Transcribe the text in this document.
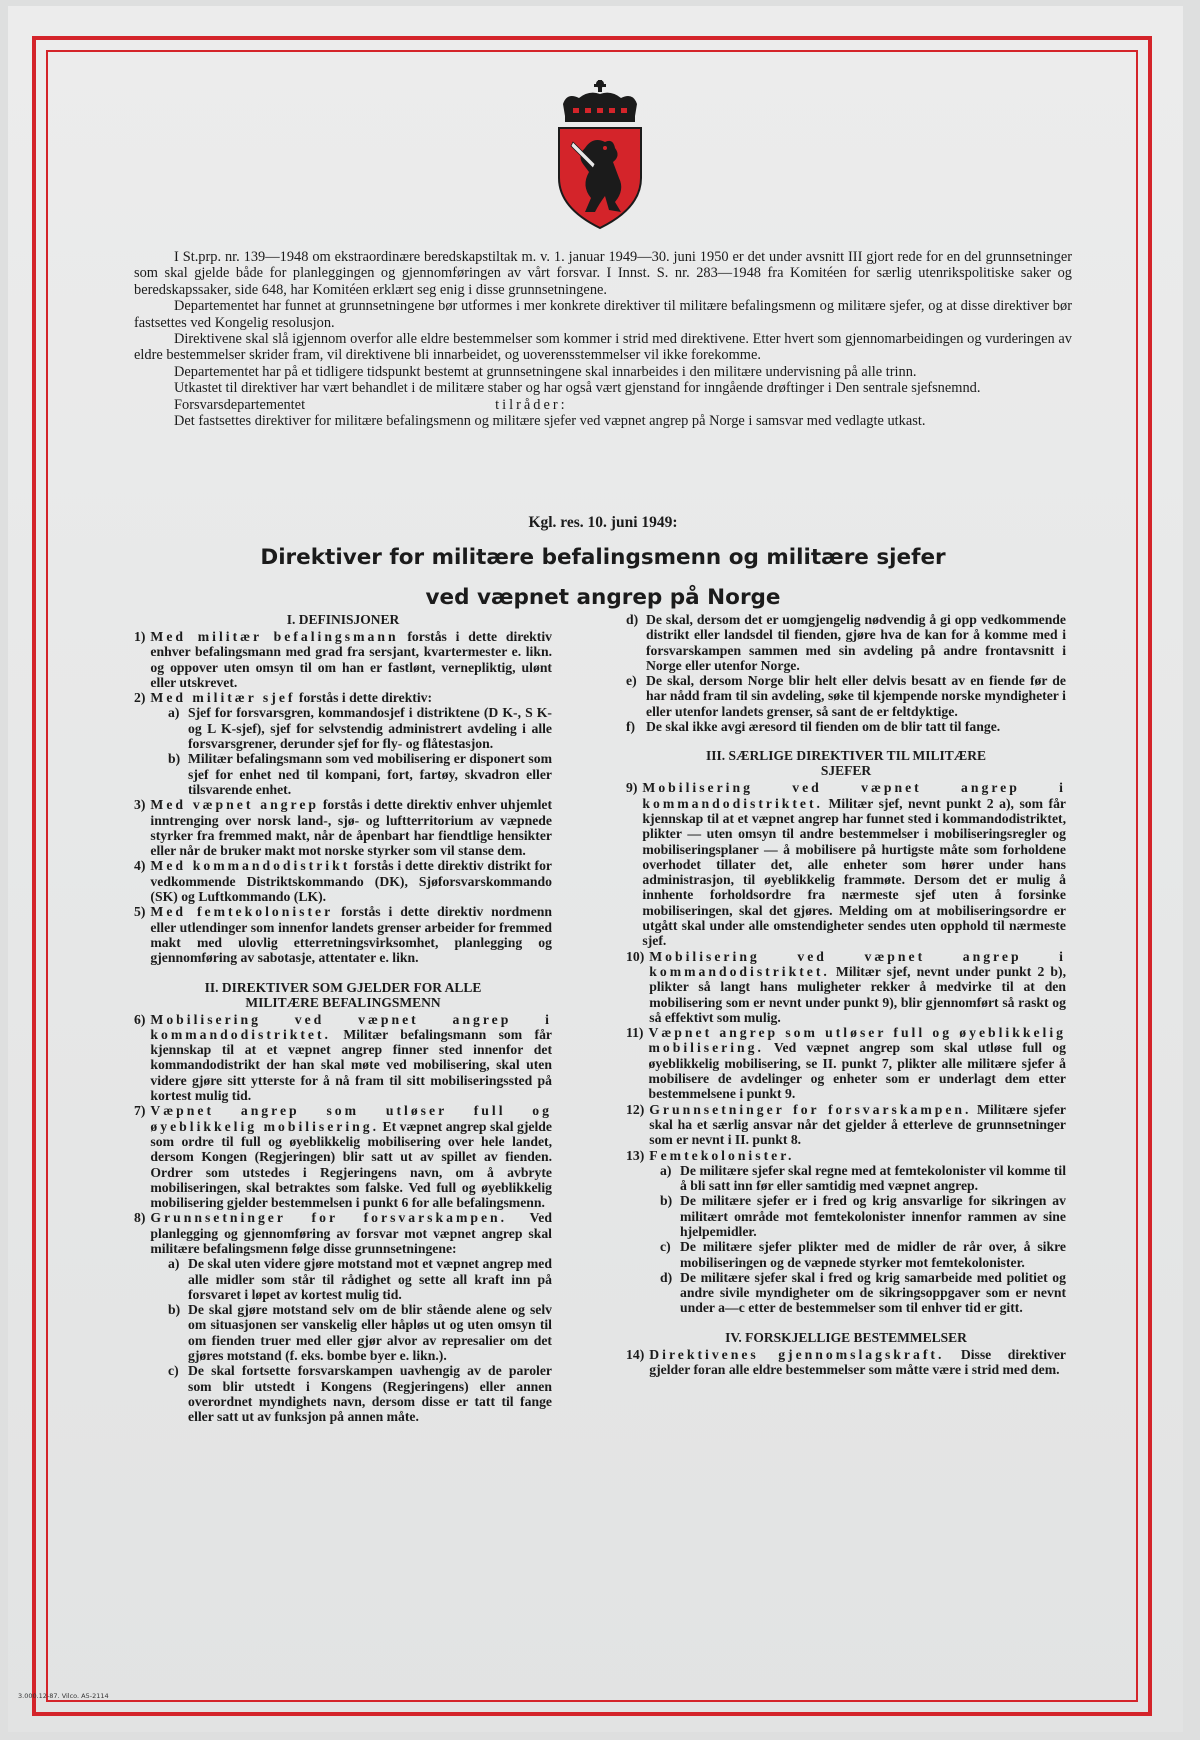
I St.prp. nr. 139—1948 om ekstraordinære beredskapstiltak m. v. 1. januar 1949—30. juni 1950 er det under avsnitt III gjort rede for en del grunnsetninger som skal gjelde både for planleggingen og gjennomføringen av vårt forsvar. I Innst. S. nr. 283—1948 fra Komitéen for særlig utenrikspolitiske saker og beredskapssaker, side 648, har Komitéen erklært seg enig i disse grunnsetningene.

Departementet har funnet at grunnsetningene bør utformes i mer konkrete direktiver til militære befalingsmenn og militære sjefer, og at disse direktiver bør fastsettes ved Kongelig resolusjon.

Direktivene skal slå igjennom overfor alle eldre bestemmelser som kommer i strid med direktivene. Etter hvert som gjennomarbeidingen og vurderingen av eldre bestemmelser skrider fram, vil direktivene bli innarbeidet, og uoverensstemmelser vil ikke forekomme.

Departementet har på et tidligere tidspunkt bestemt at grunnsetningene skal innarbeides i den militære undervisning på alle trinn.

Utkastet til direktiver har vært behandlet i de militære staber og har også vært gjenstand for inngående drøftinger i Den sentrale sjefsnemnd.

Forsvarsdepartementet	tilråder:

Det fastsettes direktiver for militære befalingsmenn og militære sjefer ved væpnet angrep på Norge i samsvar med vedlagte utkast.

Kgl. res. 10. juni 1949:
Direktiver for militære befalingsmenn og militære sjefer
ved væpnet angrep på Norge
I. DEFINISJONER
1) Med militær befalingsmann forstås i dette direktiv enhver befalingsmann med grad fra sersjant, kvartermester e. likn. og oppover uten omsyn til om han er fastlønt, vernepliktig, ulønt eller utskrevet.
2) Med militær sjef forstås i dette direktiv:
a) Sjef for forsvarsgren, kommandosjef i distriktene (D K-, S K- og L K-sjef), sjef for selvstendig administrert avdeling i alle forsvarsgrener, derunder sjef for fly- og flåtestasjon.
b) Militær befalingsmann som ved mobilisering er disponert som sjef for enhet ned til kompani, fort, fartøy, skvadron eller tilsvarende enhet.
3) Med væpnet angrep forstås i dette direktiv enhver uhjemlet inntrenging over norsk land-, sjø- og luftterritorium av væpnede styrker fra fremmed makt, når de åpenbart har fiendtlige hensikter eller når de bruker makt mot norske styrker som vil stanse dem.
4) Med kommandodistrikt forstås i dette direktiv distrikt for vedkommende Distriktskommando (DK), Sjøforsvarskommando (SK) og Luftkommando (LK).
5) Med femtekolonister forstås i dette direktiv nordmenn eller utlendinger som innenfor landets grenser arbeider for fremmed makt med ulovlig etterretningsvirksomhet, planlegging og gjennomføring av sabotasje, attentater e. likn.
II. DIREKTIVER SOM GJELDER FOR ALLE
MILITÆRE BEFALINGSMENN
6) Mobilisering ved væpnet angrep i kommandodistriktet. Militær befalingsmann som får kjennskap til at et væpnet angrep finner sted innenfor det kommandodistrikt der han skal møte ved mobilisering, skal uten videre gjøre sitt ytterste for å nå fram til sitt mobiliseringssted på kortest mulig tid.
7) Væpnet angrep som utløser full og øyeblikkelig mobilisering. Et væpnet angrep skal gjelde som ordre til full og øyeblikkelig mobilisering over hele landet, dersom Kongen (Regjeringen) blir satt ut av spillet av fienden. Ordrer som utstedes i Regjeringens navn, om å avbryte mobiliseringen, skal betraktes som falske. Ved full og øyeblikkelig mobilisering gjelder bestemmelsen i punkt 6 for alle befalingsmenn.
8) Grunnsetninger for forsvarskampen. Ved planlegging og gjennomføring av forsvar mot væpnet angrep skal militære befalingsmenn følge disse grunnsetningene:
a) De skal uten videre gjøre motstand mot et væpnet angrep med alle midler som står til rådighet og sette all kraft inn på forsvaret i løpet av kortest mulig tid.
b) De skal gjøre motstand selv om de blir stående alene og selv om situasjonen ser vanskelig eller håpløs ut og uten omsyn til om fienden truer med eller gjør alvor av represalier om det gjøres motstand (f. eks. bombe byer e. likn.).
c) De skal fortsette forsvarskampen uavhengig av de paroler som blir utstedt i Kongens (Regjeringens) eller annen overordnet myndighets navn, dersom disse er tatt til fange eller satt ut av funksjon på annen måte.
d) De skal, dersom det er uomgjengelig nødvendig å gi opp vedkommende distrikt eller landsdel til fienden, gjøre hva de kan for å komme med i forsvarskampen sammen med sin avdeling på andre frontavsnitt i Norge eller utenfor Norge.
e) De skal, dersom Norge blir helt eller delvis besatt av en fiende før de har nådd fram til sin avdeling, søke til kjempende norske myndigheter i eller utenfor landets grenser, så sant de er feltdyktige.
f) De skal ikke avgi æresord til fienden om de blir tatt til fange.
III. SÆRLIGE DIREKTIVER TIL MILITÆRE
SJEFER
9) Mobilisering ved væpnet angrep i kommandodistriktet. Militær sjef, nevnt punkt 2 a), som får kjennskap til at et væpnet angrep har funnet sted i kommandodistriktet, plikter — uten omsyn til andre bestemmelser i mobiliseringsregler og mobiliseringsplaner — å mobilisere på hurtigste måte som forholdene overhodet tillater det, alle enheter som hører under hans administrasjon, til øyeblikkelig frammøte. Dersom det er mulig å innhente forholdsordre fra nærmeste sjef uten å forsinke mobiliseringen, skal det gjøres. Melding om at mobiliseringsordre er utgått skal under alle omstendigheter sendes uten opphold til nærmeste sjef.
10) Mobilisering ved væpnet angrep i kommandodistriktet. Militær sjef, nevnt under punkt 2 b), plikter så langt hans muligheter rekker å medvirke til at den mobilisering som er nevnt under punkt 9), blir gjennomført så raskt og så effektivt som mulig.
11) Væpnet angrep som utløser full og øyeblikkelig mobilisering. Ved væpnet angrep som skal utløse full og øyeblikkelig mobilisering, se II. punkt 7, plikter alle militære sjefer å mobilisere de avdelinger og enheter som er underlagt dem etter bestemmelsene i punkt 9.
12) Grunnsetninger for forsvarskampen. Militære sjefer skal ha et særlig ansvar når det gjelder å etterleve de grunnsetninger som er nevnt i II. punkt 8.
13) Femtekolonister.
a) De militære sjefer skal regne med at femtekolonister vil komme til å bli satt inn før eller samtidig med væpnet angrep.
b) De militære sjefer er i fred og krig ansvarlige for sikringen av militært område mot femtekolonister innenfor rammen av sine hjelpemidler.
c) De militære sjefer plikter med de midler de rår over, å sikre mobiliseringen og de væpnede styrker mot femtekolonister.
d) De militære sjefer skal i fred og krig samarbeide med politiet og andre sivile myndigheter om de sikringsoppgaver som er nevnt under a—c etter de bestemmelser som til enhver tid er gitt.
IV. FORSKJELLIGE BESTEMMELSER
14) Direktivenes gjennomslagskraft. Disse direktiver gjelder foran alle eldre bestemmelser som måtte være i strid med dem.
3.000.12-87. Vilco. A5-2114
